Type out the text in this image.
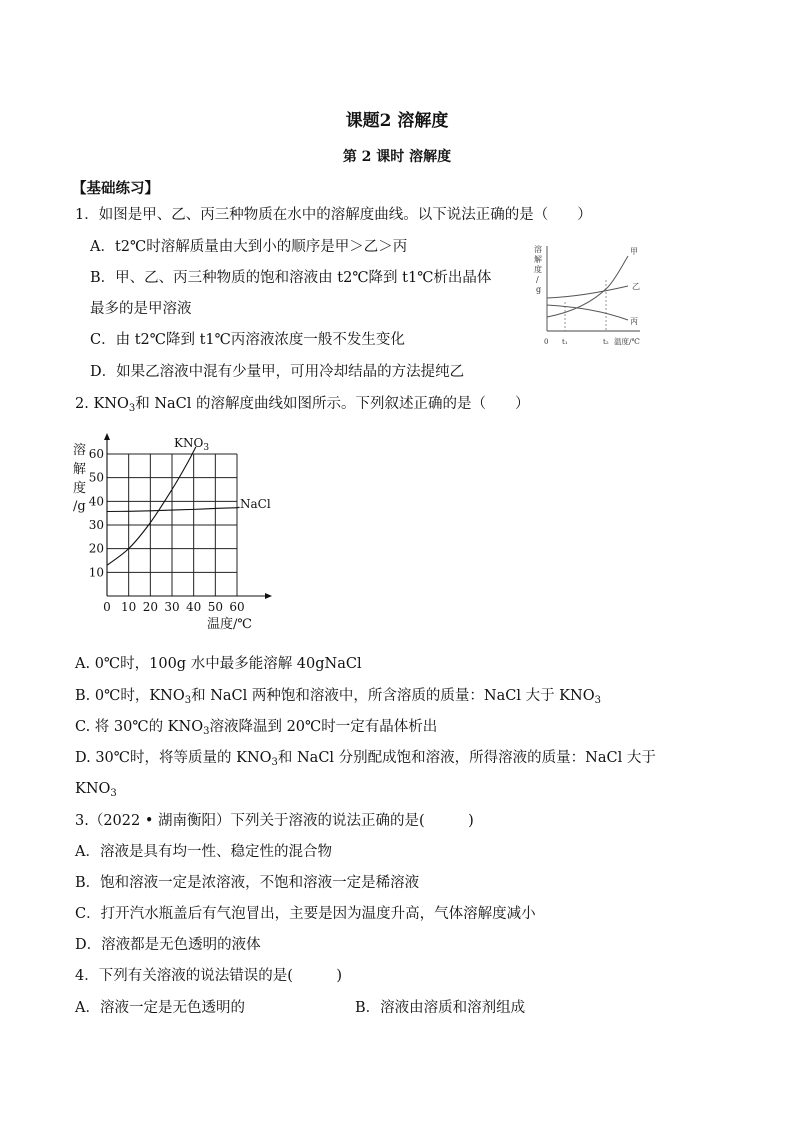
课题2 溶解度
第 2 课时 溶解度
【基础练习】
1．如图是甲、乙、丙三种物质在水中的溶解度曲线。以下说法正确的是（　　）
A．t2℃时溶解质量由大到小的顺序是甲＞乙＞丙
B．甲、乙、丙三种物质的饱和溶液由 t2℃降到 t1℃析出晶体
最多的是甲溶液
C．由 t2℃降到 t1℃丙溶液浓度一般不发生变化
D．如果乙溶液中混有少量甲，可用冷却结晶的方法提纯乙
溶
解
度
/
g
甲
乙
丙
0 t₁	t₂ 温度/℃
2. $KNO_3$和 NaCl 的溶解度曲线如图所示。下列叙述正确的是（　　）
0 10 20 30 40 50 60
10
20
30
40
50
60
溶
解
度
/g
$KNO_3$
NaCl
温度/℃
A. 0℃时，100g 水中最多能溶解 40gNaCl
B. 0℃时，$KNO_3$和 NaCl 两种饱和溶液中，所含溶质的质量：NaCl 大于 $KNO_3$
C. 将 30℃的 $KNO_3$溶液降温到 20℃时一定有晶体析出
D. 30℃时，将等质量的 $KNO_3$和 NaCl 分别配成饱和溶液，所得溶液的质量：NaCl 大于
$KNO_3$
3.（2022 • 湖南衡阳）下列关于溶液的说法正确的是(　　　)
A．溶液是具有均一性、稳定性的混合物
B．饱和溶液一定是浓溶液，不饱和溶液一定是稀溶液
C．打开汽水瓶盖后有气泡冒出，主要是因为温度升高，气体溶解度减小
D．溶液都是无色透明的液体
4．下列有关溶液的说法错误的是(　　　)
A．溶液一定是无色透明的	B．溶液由溶质和溶剂组成
